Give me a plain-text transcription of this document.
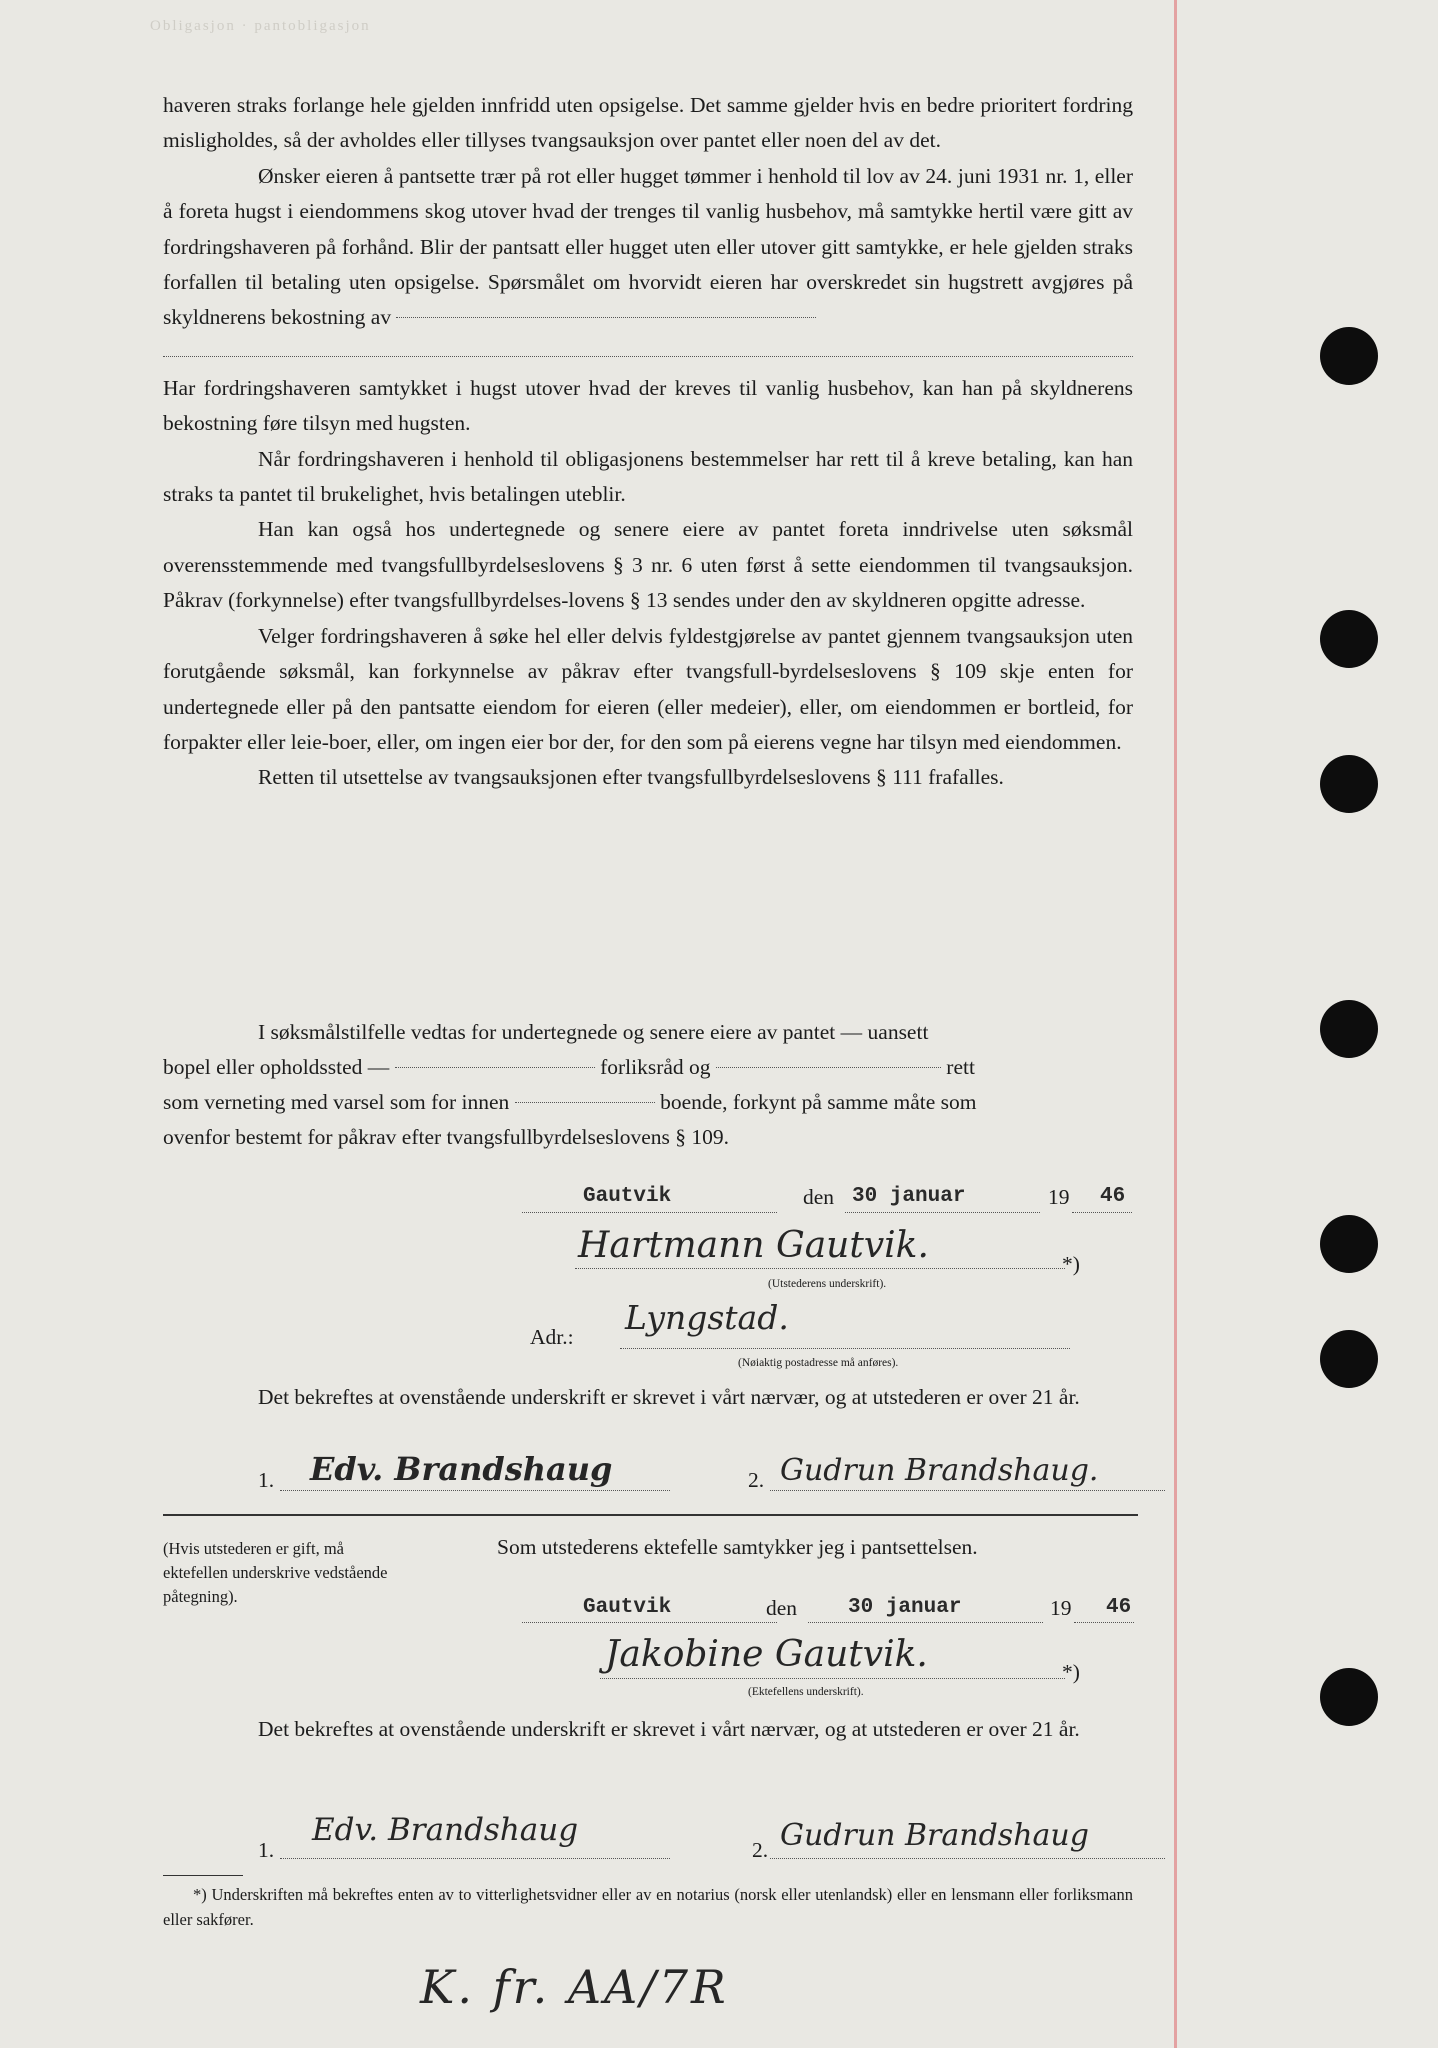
Obligasjon · pantobligasjon

haveren straks forlange hele gjelden innfridd uten opsigelse. Det samme gjelder hvis en bedre prioritert fordring misligholdes, så der avholdes eller tillyses tvangsauksjon over pantet eller noen del av det.

Ønsker eieren å pantsette trær på rot eller hugget tømmer i henhold til lov av 24. juni 1931 nr. 1, eller å foreta hugst i eiendommens skog utover hvad der trenges til vanlig husbehov, må samtykke hertil være gitt av fordringshaveren på forhånd. Blir der pantsatt eller hugget uten eller utover gitt samtykke, er hele gjelden straks forfallen til betaling uten opsigelse. Spørsmålet om hvorvidt eieren har overskredet sin hugstrett avgjøres på skyldnerens bekostning av

Har fordringshaveren samtykket i hugst utover hvad der kreves til vanlig husbehov, kan han på skyldnerens bekostning føre tilsyn med hugsten.

Når fordringshaveren i henhold til obligasjonens bestemmelser har rett til å kreve betaling, kan han straks ta pantet til brukelighet, hvis betalingen uteblir.

Han kan også hos undertegnede og senere eiere av pantet foreta inndrivelse uten søksmål overensstemmende med tvangsfullbyrdelseslovens § 3 nr. 6 uten først å sette eiendommen til tvangsauksjon. Påkrav (forkynnelse) efter tvangsfullbyrdelses-lovens § 13 sendes under den av skyldneren opgitte adresse.

Velger fordringshaveren å søke hel eller delvis fyldestgjørelse av pantet gjennem tvangsauksjon uten forutgående søksmål, kan forkynnelse av påkrav efter tvangsfull-byrdelseslovens § 109 skje enten for undertegnede eller på den pantsatte eiendom for eieren (eller medeier), eller, om eiendommen er bortleid, for forpakter eller leie-boer, eller, om ingen eier bor der, for den som på eierens vegne har tilsyn med eiendommen.

Retten til utsettelse av tvangsauksjonen efter tvangsfullbyrdelseslovens § 111 frafalles.

I søksmålstilfelle vedtas for undertegnede og senere eiere av pantet — uansett
bopel eller opholdssted —	forliksråd og	rett
som verneting med varsel som for innen	boende, forkynt på samme måte som
ovenfor bestemt for påkrav efter tvangsfullbyrdelseslovens § 109.
Gautvik	den 30 januar	19 46
Hartmann Gautvik.	*)
(Utstederens underskrift).
Adr.: Lyngstad.
(Nøiaktig postadresse må anføres).
Det bekreftes at ovenstående underskrift er skrevet i vårt nærvær, og at utstederen er over 21 år.
1. Edv. Brandshaug	2. Gudrun Brandshaug.
(Hvis utstederen er gift, må ektefellen underskrive vedstående påtegning).
Som utstederens ektefelle samtykker jeg i pantsettelsen.
Gautvik	den 30 januar	19 46
Jakobine Gautvik.	*)
(Ektefellens underskrift).
Det bekreftes at ovenstående underskrift er skrevet i vårt nærvær, og at utstederen er over 21 år.
1.
Edv. Brandshaug
2. Gudrun Brandshaug
*) Underskriften må bekreftes enten av to vitterlighetsvidner eller av en notarius (norsk eller utenlandsk) eller en lensmann eller forliksmann eller sakfører.
K. fr. AA/7R
